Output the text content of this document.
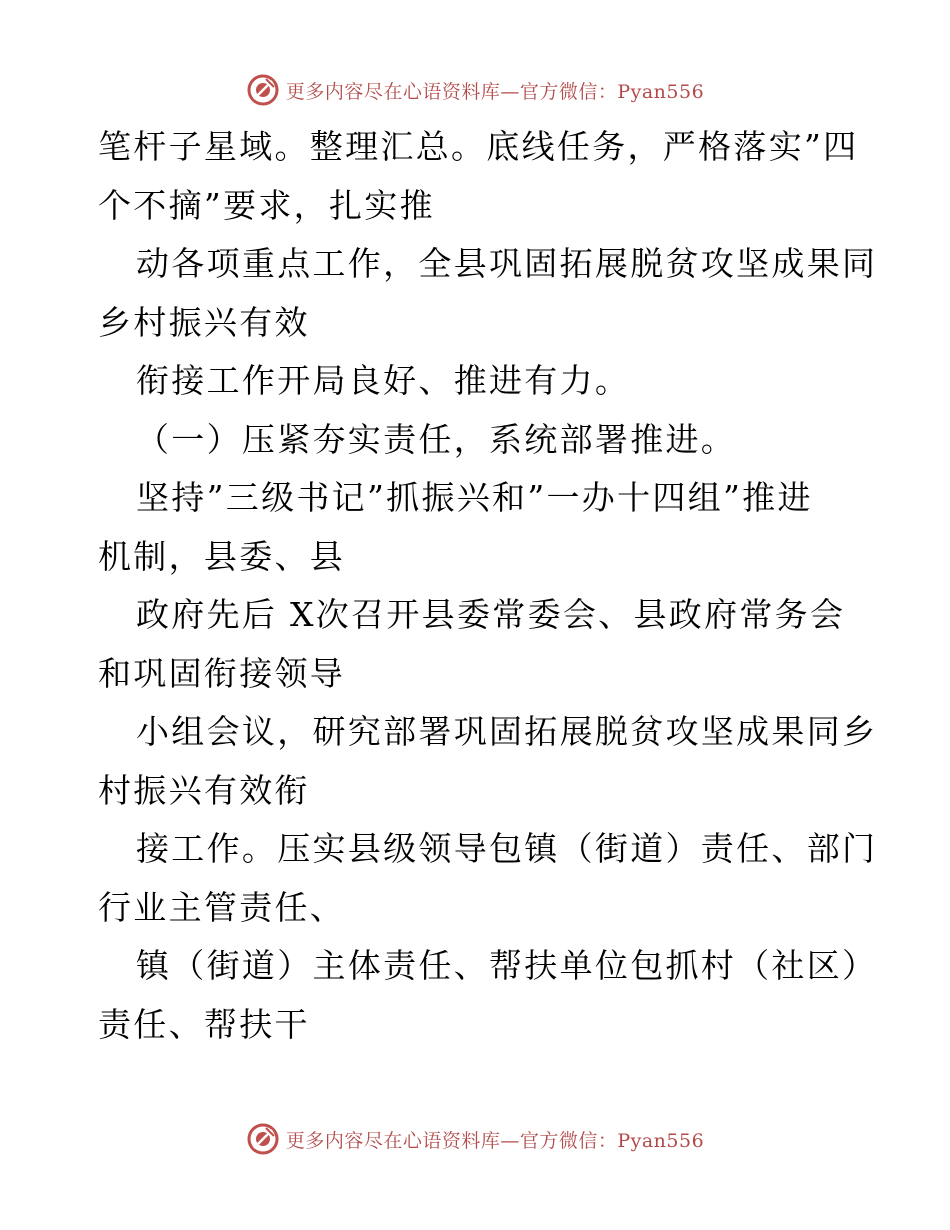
更多内容尽在心语资料库—官方微信：Pyan556
笔杆子星域。整理汇总。底线任务，严格落实”四
个不摘”要求，扎实推
动各项重点工作，全县巩固拓展脱贫攻坚成果同
乡村振兴有效
衔接工作开局良好、推进有力。
（一）压紧夯实责任，系统部署推进。
坚持”三级书记”抓振兴和”一办十四组”推进
机制，县委、县
政府先后 X次召开县委常委会、县政府常务会
和巩固衔接领导
小组会议，研究部署巩固拓展脱贫攻坚成果同乡
村振兴有效衔
接工作。压实县级领导包镇（街道）责任、部门
行业主管责任、
镇（街道）主体责任、帮扶单位包抓村（社区）
责任、帮扶干
更多内容尽在心语资料库—官方微信：Pyan556
